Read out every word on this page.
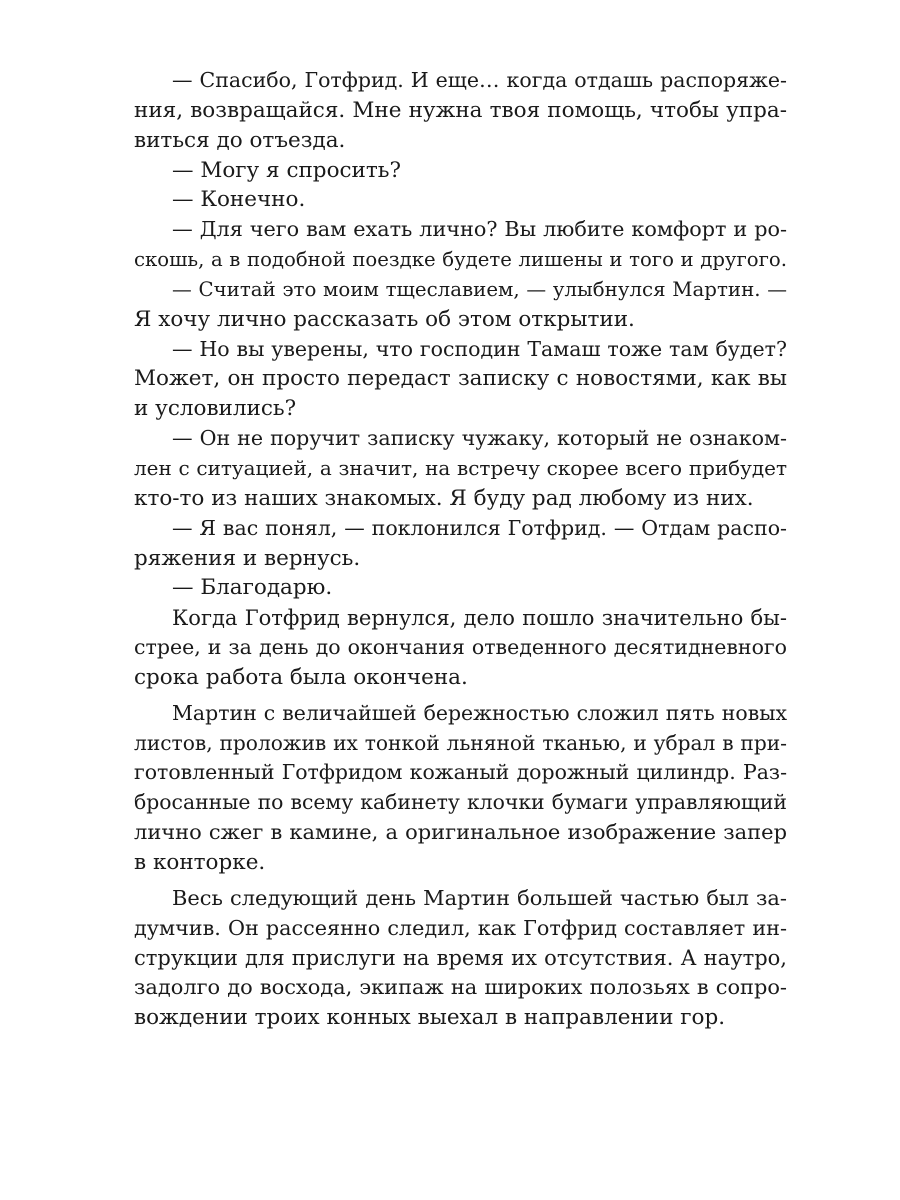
— Спасибо, Готфрид. И еще… когда отдашь распоряже-
ния, возвращайся. Мне нужна твоя помощь, чтобы упра-
виться до отъезда.
— Могу я спросить?
— Конечно.
— Для чего вам ехать лично? Вы любите комфорт и ро-
скошь, а в подобной поездке будете лишены и того и другого.
— Считай это моим тщеславием, — улыбнулся Мартин. —
Я хочу лично рассказать об этом открытии.
— Но вы уверены, что господин Тамаш тоже там будет?
Может, он просто передаст записку с новостями, как вы
и условились?
— Он не поручит записку чужаку, который не ознаком-
лен с ситуацией, а значит, на встречу скорее всего прибудет
кто-то из наших знакомых. Я буду рад любому из них.
— Я вас понял, — поклонился Готфрид. — Отдам распо-
ряжения и вернусь.
— Благодарю.
Когда Готфрид вернулся, дело пошло значительно бы-
стрее, и за день до окончания отведенного десятидневного
срока работа была окончена.
Мартин с величайшей бережностью сложил пять новых
листов, проложив их тонкой льняной тканью, и убрал в при-
готовленный Готфридом кожаный дорожный цилиндр. Раз-
бросанные по всему кабинету клочки бумаги управляющий
лично сжег в камине, а оригинальное изображение запер
в конторке.
Весь следующий день Мартин большей частью был за-
думчив. Он рассеянно следил, как Готфрид составляет ин-
струкции для прислуги на время их отсутствия. А наутро,
задолго до восхода, экипаж на широких полозьях в сопро-
вождении троих конных выехал в направлении гор.
